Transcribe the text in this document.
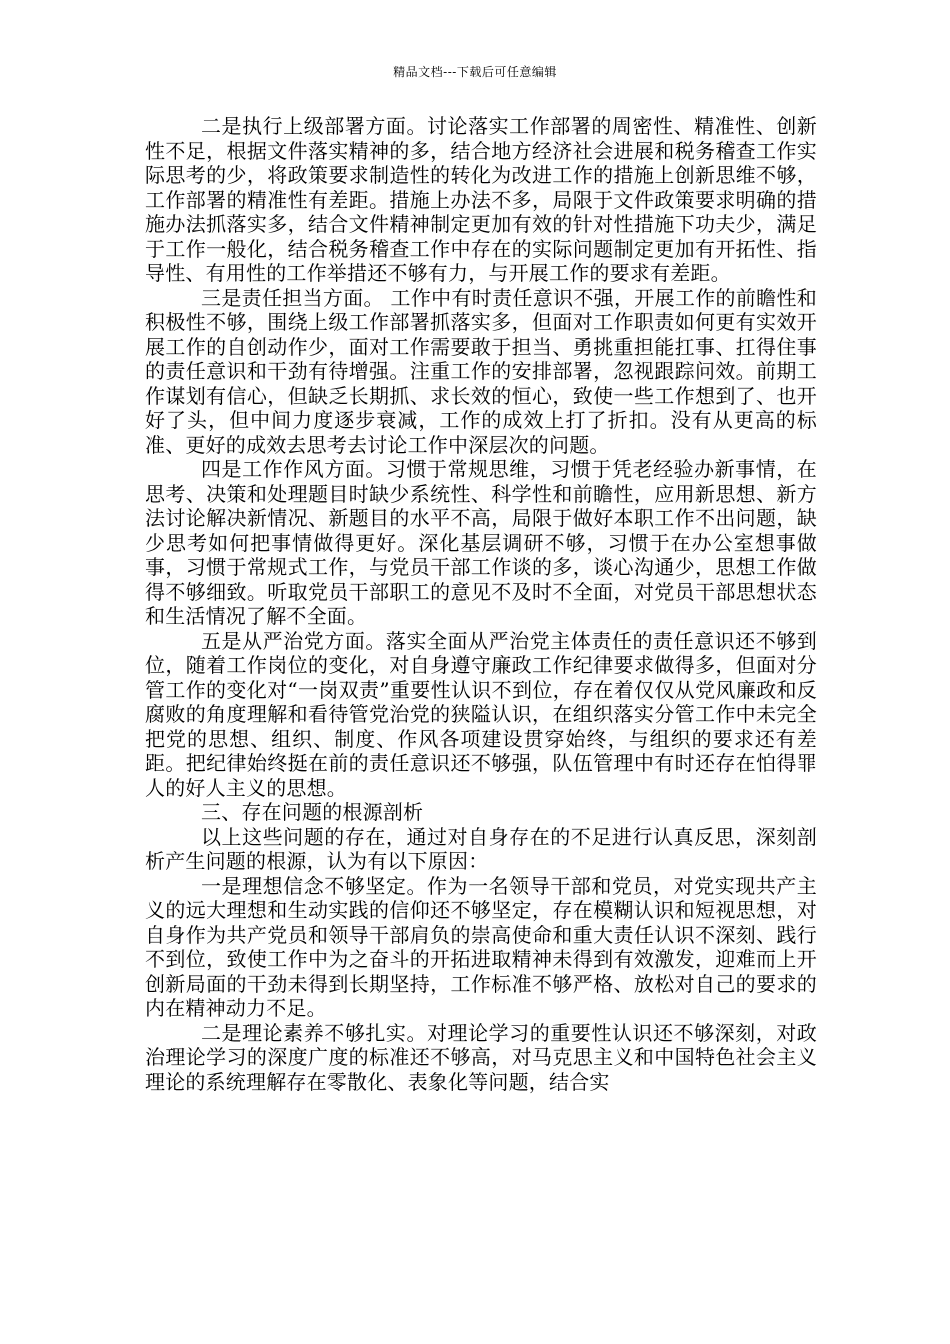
精品文档---下载后可任意编辑

二是执行上级部署方面。讨论落实工作部署的周密性、精准性、创新性不足，根据文件落实精神的多，结合地方经济社会进展和税务稽查工作实际思考的少，将政策要求制造性的转化为改进工作的措施上创新思维不够，工作部署的精准性有差距。措施上办法不多，局限于文件政策要求明确的措施办法抓落实多，结合文件精神制定更加有效的针对性措施下功夫少，满足于工作一般化，结合税务稽查工作中存在的实际问题制定更加有开拓性、指导性、有用性的工作举措还不够有力，与开展工作的要求有差距。

三是责任担当方面。 工作中有时责任意识不强，开展工作的前瞻性和积极性不够，围绕上级工作部署抓落实多，但面对工作职责如何更有实效开展工作的自创动作少，面对工作需要敢于担当、勇挑重担能扛事、扛得住事的责任意识和干劲有待增强。注重工作的安排部署，忽视跟踪问效。前期工作谋划有信心，但缺乏长期抓、求长效的恒心，致使一些工作想到了、也开好了头，但中间力度逐步衰减，工作的成效上打了折扣。没有从更高的标准、更好的成效去思考去讨论工作中深层次的问题。

四是工作作风方面。习惯于常规思维，习惯于凭老经验办新事情，在思考、决策和处理题目时缺少系统性、科学性和前瞻性，应用新思想、新方法讨论解决新情况、新题目的水平不高，局限于做好本职工作不出问题，缺少思考如何把事情做得更好。深化基层调研不够，习惯于在办公室想事做事，习惯于常规式工作，与党员干部工作谈的多，谈心沟通少，思想工作做得不够细致。听取党员干部职工的意见不及时不全面，对党员干部思想状态和生活情况了解不全面。

五是从严治党方面。落实全面从严治党主体责任的责任意识还不够到位，随着工作岗位的变化，对自身遵守廉政工作纪律要求做得多，但面对分管工作的变化对“一岗双责”重要性认识不到位，存在着仅仅从党风廉政和反腐败的角度理解和看待管党治党的狭隘认识，在组织落实分管工作中未完全把党的思想、组织、制度、作风各项建设贯穿始终，与组织的要求还有差距。把纪律始终挺在前的责任意识还不够强，队伍管理中有时还存在怕得罪人的好人主义的思想。

三、存在问题的根源剖析

以上这些问题的存在，通过对自身存在的不足进行认真反思，深刻剖析产生问题的根源，认为有以下原因：

一是理想信念不够坚定。作为一名领导干部和党员，对党实现共产主义的远大理想和生动实践的信仰还不够坚定，存在模糊认识和短视思想，对自身作为共产党员和领导干部肩负的崇高使命和重大责任认识不深刻、践行不到位，致使工作中为之奋斗的开拓进取精神未得到有效激发，迎难而上开创新局面的干劲未得到长期坚持，工作标准不够严格、放松对自己的要求的内在精神动力不足。

二是理论素养不够扎实。对理论学习的重要性认识还不够深刻，对政治理论学习的深度广度的标准还不够高，对马克思主义和中国特色社会主义理论的系统理解存在零散化、表象化等问题，结合实
